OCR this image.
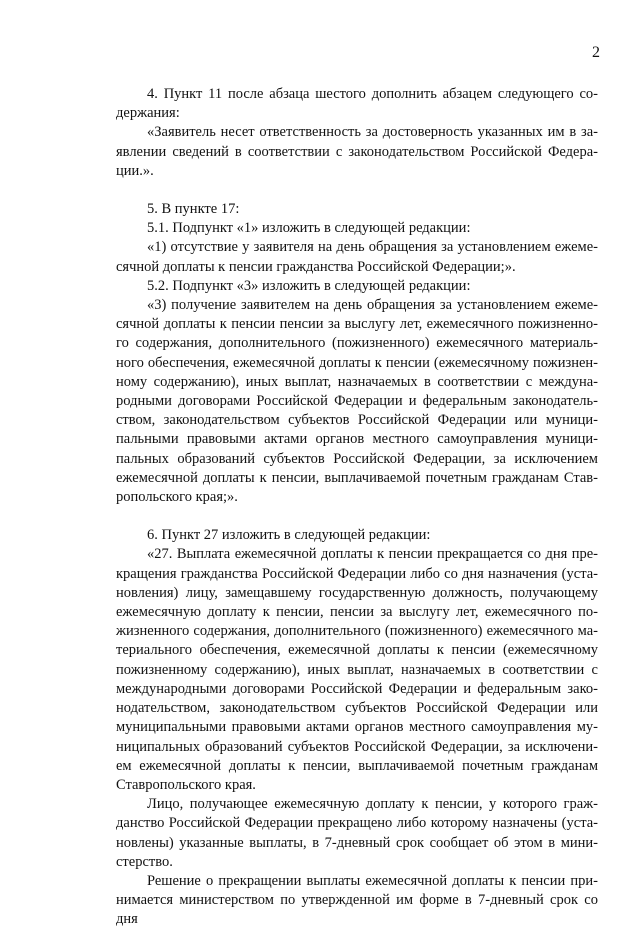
2

4. Пункт 11 после абзаца шестого дополнить абзацем следующего содержания:

«Заявитель несет ответственность за достоверность указанных им в заявлении сведений в соответствии с законодательством Российской Федерации.».

5. В пункте 17:

5.1. Подпункт «1» изложить в следующей редакции:

«1) отсутствие у заявителя на день обращения за установлением ежемесячной доплаты к пенсии гражданства Российской Федерации;».

5.2. Подпункт «3» изложить в следующей редакции:

«3) получение заявителем на день обращения за установлением ежемесячной доплаты к пенсии пенсии за выслугу лет, ежемесячного пожизненного содержания, дополнительного (пожизненного) ежемесячного материального обеспечения, ежемесячной доплаты к пенсии (ежемесячному пожизненному содержанию), иных выплат, назначаемых в соответствии с международными договорами Российской Федерации и федеральным законодательством, законодательством субъектов Российской Федерации или муниципальными правовыми актами органов местного самоуправления муниципальных образований субъектов Российской Федерации, за исключением ежемесячной доплаты к пенсии, выплачиваемой почетным гражданам Ставропольского края;».

6. Пункт 27 изложить в следующей редакции:

«27. Выплата ежемесячной доплаты к пенсии прекращается со дня прекращения гражданства Российской Федерации либо со дня назначения (установления) лицу, замещавшему государственную должность, получающему ежемесячную доплату к пенсии, пенсии за выслугу лет, ежемесячного пожизненного содержания, дополнительного (пожизненного) ежемесячного материального обеспечения, ежемесячной доплаты к пенсии (ежемесячному пожизненному содержанию), иных выплат, назначаемых в соответствии с международными договорами Российской Федерации и федеральным законодательством, законодательством субъектов Российской Федерации или муниципальными правовыми актами органов местного самоуправления муниципальных образований субъектов Российской Федерации, за исключением ежемесячной доплаты к пенсии, выплачиваемой почетным гражданам Ставропольского края.

Лицо, получающее ежемесячную доплату к пенсии, у которого гражданство Российской Федерации прекращено либо которому назначены (установлены) указанные выплаты, в 7-дневный срок сообщает об этом в министерство.

Решение о прекращении выплаты ежемесячной доплаты к пенсии принимается министерством по утвержденной им форме в 7-дневный срок со дня
